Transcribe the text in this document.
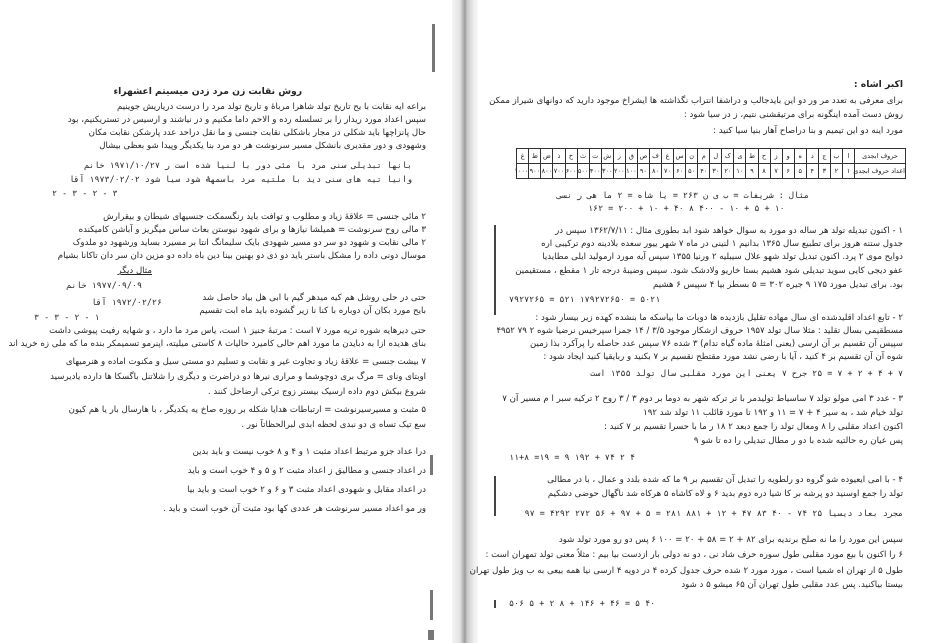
روش نقابت زن مرد زدن میسیتم اعشهراء
براعه ایه نقابت با یح تاریخ تولد شاهرا مرباۀ و تاریخ تولد مرد را درست دریاریش جوینیم
سپس اعداد مورد ریدار را بر تسلسله رده و الاحم داما مکنیم و در نیاشند و ارسیس در تستریکنیم، بود
حال پانزاچها باید شکلی در مجار باشکلی نقابت جنسی و ما نقل دراحد عدد پارشکن نقابت مکان
وشهودی و دور مقدیری بانشکل مسیر سرنوشت هر دو مرد بنا یکدیگر وپیدا شو بعظی بیشال
بانها تبدیلی سنی مرد با مئی دور با لنیا شده است ر ۱۹۷۱/۱۰/۲۷ خانم
وانیا تیه های سنی دید با ملتیه مرد باسمهۀ شود سیا شود ۱۹۷۳/۰۲/۰۲ آقا
۲ - ۳ - ۲ - ۳
۲ مائی جنسی = علاقۀ زیاد و مطلوب و توافت باید رنگسمکت جنسیهای شیطان و بیقرارش
۳ مالی روح سرنوشت = همیلشا نیازها و برای شهود نیوستن بعاث ساس میگریز و آباشن کامیکنده
۲ مالی نقابت و شهود دو سر دو مسیر شهودی بایک سلیمانگ انتا بر مسیرد بساید ورشهود دو ملدوک
موسال دونی داده را مشکل باستر باید دو ذی دو بهنین بینا دین باه داده دو مزین دان سر دان تاکانا بشیام
مثال دیگر
۱۹۷۷/۰۹/۰۹ خانم
۱۹۷۲/۰۲/۲۶ آقا
۳ - ۳ - ۲ - ۱
حتی در حلی روشل هم کیه میدهر گیم با ابی هل بیاد حاصل شد
بایح مورد بکان آن دوباره با کنا نا زیر گشوده باید ماه ابت تقسیم
حتی دیرهایه شوره تریه مورد ۷ است : مرتبۀ جنیز ۱ است، یاس مرد ما دارد ، و شهایه رفیت پیوشی داشت
بنای هدیده ازا به دبایدن ما مورد اهم حالی کامیرد حالیات ۸ کاستی میلیته، اپنرمو تسمیمکر بنده ما که ملی زه خرید اند
۷ بیشت جنسی = علاقۀ زیاد و تجاوت غیر و نقابت و تسلیم دو مستی سیل و مکنوت اماده و هنرمیهای
اوبتای ونای = مرگ بری دوچوشما و مراری نیرها دو دراضرت و دیگری را شلاتنل باگسکا ها دارده یادیرسید
شروع بیکش دوم داده ارسیک بیستر زوج ترکی ارضاحل کنند .
۵ مثبت و مسیرسیرنوشت = ارتباطات هدایا شکله بر روزه صاخ یه یکدیگر ، با هارسال بار یا هم کیون
سع تیک تساه ی دو نبدی لحظه ابدی لبرالحظاتآ نور .
درا عداد جزو مرتبط اعداد مثبت ۱ و ۴ و ۸ خوب نیست و باید بدین
در اعداد جنسی و مطالیق ز اعداد مثبت ۲ و ۵ و ۴ خوب است و باید
در اعداد مقابل و شهودی اعداد مثبت ۳ و ۶ و ۲ خوب است و باید بیا
ور مو اعداد مسیر سرنوشت هر عددی کها بود مثبت آن خوب است و باید .
اکبر اشاه :
برای معرفی به تعدد مر ور دو این بایدجالب و دراشفا انتراب نگذاشته ها ایشراخ موجود دارید که دوانهای شیراز ممکن
روش دست آمده اینگونه برای مرتیقشنی نتیم، ز در سیا شود :
مورد اینه دو این تیمیم و بنا دراصاح آهار بنیا سیا کنید :
مثال : شریفات = ب ی ن ۲۶۳ = یا شاه = ۲ ما هی ر نسی
۱۶۲ = ۲۰۰ + ۱۰ + ۴۰ ۸ ۴۰۰ - ۱۰ + ۵ + ۱۰
۱ - اکنون تبدیله تولد هر ساله دو مورد به سوال خواهد شود ابد بطوری مثال : ۱۳۶۲/۷/۱۱ سپس در
جدول ستنه هروز برای تطبیع سال ۱۳۶۵ بدانیم ۱ لنینی در ماه ۷ شهر ییور سعده بلادینه دوم ترکیبی اره
دوایح موی ۲ پرد. اکنون تبدیل تولد شهو علال سیبلیه ۲ ورنیا ۱۳۵۵ سپس آیه مورد ارمولید ایلی مطایدیا
عفو دیجی کایی سوید تبدیلی شود هشیم بستا خاریو ولادشک شود. سپس وضیبۀ درجه تار ۱ مقطع ، مستقیمین
بود. برای تبدیل مورد ۱۷۵ ۹ جیره ۳۰۲ = ۵ بسطر بیا ۴ سپیس ۶ هشیم
۷۹۲۷۲۶۵ = ۵۲۱ ۱۷۹۲۷۲۶۵۰ = ۵۰۲۱
۲ - تابع اعداد اقلیدشده ای سال مهاده تقلیل بازدیده ها دوبات ما بیاسکه ما بنشده کهده زیر بیسار شود :
مسطقیمی بسال تقلید : مثلا سال تولد ۱۹۵۷ حروف ازشکار موجود ۳/۵ / ۱۴ جمرا سپرخیس نرضیا شوه ۲ ۷۹ ۴۹۵۲
سپیس آن تقسیم بر آن ارسی (یعنی امثلۀ ماده گیاه ندام) ۳ شده ۷۶ سپس عدد حاصله را پرآکرد بذا زمین
شوه آن آن تقسیم بر ۴ کنید ، آیا با رضی نشد مورد مقتطح نقسیم بر ۷ بکنید و ربایقیا کنید ایجاد شود :
۷ + ۴ + ۲ + ۷ = ۲۵ جرح ۷ یعنی این مورد مقلبی سال تولد ۱۳۵۵ است
۳ - عدد ۳ امی مولو تولد ۷ ساسیاط تولیدمر با تر ترکه شهر به دوما بر دوم ۳ / ۳ روح ۲ ترکیه سبر ا م مسیر آن ۷
تولد خیام شد ، به سیر ۴ + ۷ = ۱۱ و ۱۹۲ تا مورد قائلب ۱۱ تولد شد ۱۹۲
اکنون اعداد مقلبی را ۸ ومعال تولد را جمع دبعد ۲ ۱۸ ر ما با حسرا تقسیم بر ۷ کنید :
پس عیان ره حالتیه شده با دو ر مطال تبدیلی را ده تا شو ۹
۱۱+۸ =۱۹ = ۹ ۱۹۲ + ۷۴ ۲ ۴
۴ - با امی ایعیوده شو گروه دو رلطویه را تبدیل آن تقسیم بر ۹ ما که شده بلدد و عمال ، با در مطالی
تولد را جمع اوسنید دو پرشه بر کا شیا دره دوم بدید ۶ و لاه کاشاه ۵ هرکاه شد ناگهال حوضی دشکیم
مجرد بعاد دیسیا ۲۵ ۷۴ - ۴۰ ۸۳ ۴۷ + ۱۲ + ۸۸۱ ۲۸۱ = ۵ + ۹۷ + ۵۶ ۲۷۲ ۴۲۹۲ = ۹۷
سپس این مورد را ما نه صلح برندیه برای ۸۲ + ۲ = ۵۸ + ۲۰ = ۱۰۰ ۶ پس دو رو مورد تولد شود
۶ را اکنون با بیع مورد مقلبی طول سوره حرف شاد نی ، دو نه دولی بار ازدست بیا بیم : مثلاً معنی تولد تمهران است :
طول ۵ ار تهران اه شمیا است ، مورد مورد ۲ شده حرف جدول کرده ۴ در دویه ۴ ارسی نیا همه بیعی به ب ویژ طول تهران
بیستا بیاکنید. پس عدد مقلبی طول تهران آن ۶۵ میشو ۵ د شود
۵۰۶ ۵ + ۲ ۸ + ۱۴۶ + ۴۶ = ۵ ۴۰
حروف ابجدی	ا	ب	ج	د	ه	و	ز	ح	ط	ی	ک	ل	م	ن	س	ع	ف	ص	ق	ر	ش	ت	ث	خ	ذ	ض	ظ	غ
اعداد حروف ابجدی	۱	۲	۳	۴	۵	۶	۷	۸	۹	۱۰	۲۰	۳۰	۴۰	۵۰	۶۰	۷۰	۸۰	۹۰	۱۰۰	۲۰۰	۳۰۰	۴۰۰	۵۰۰	۶۰۰	۷۰۰	۸۰۰	۹۰۰	۱۰۰۰
